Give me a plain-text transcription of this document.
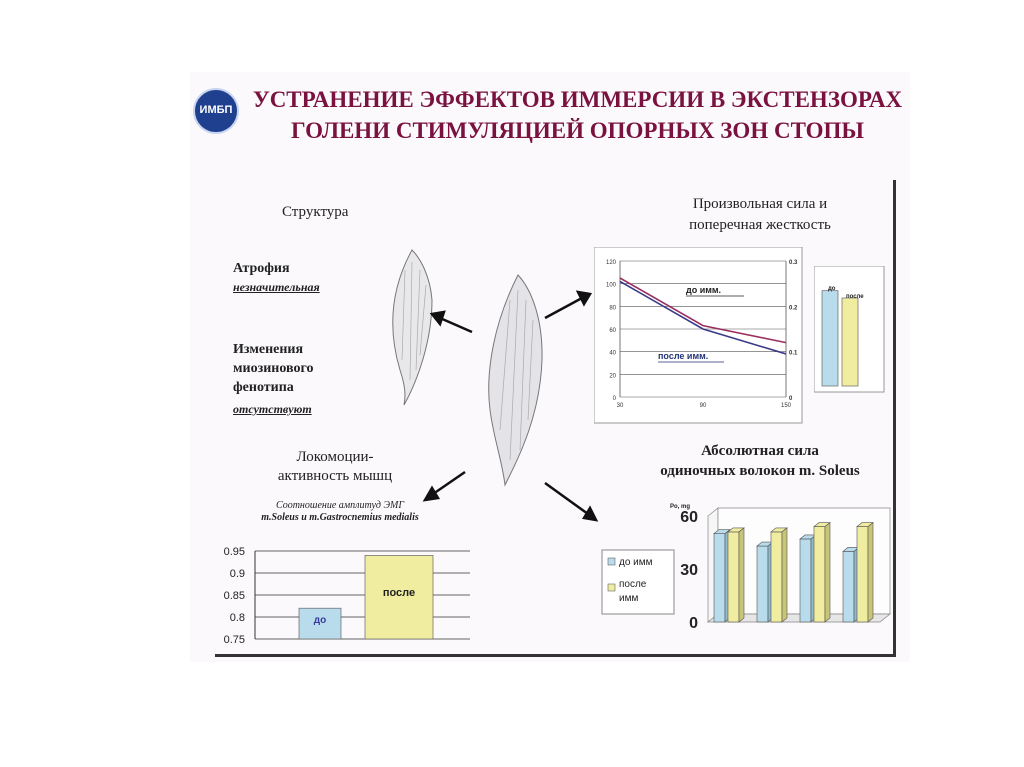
ИМБП УСТРАНЕНИЕ ЭФФЕКТОВ ИММЕРСИИ В ЭКСТЕНЗОРАХ ГОЛЕНИ СТИМУЛЯЦИЕЙ ОПОРНЫХ ЗОН СТОПЫ
Структура
Атрофия
незначительная
Изменения
миозинового
фенотипа
отсутствуют
Произвольная сила и
поперечная жесткость
Локомоции-
активность мышц
Соотношение амплитуд ЭМГ
m.Soleus и m.Gastrocnemius medialis
Абсолютная сила
одиночных волокон m. Soleus
0
20
40
60
80
100
120
0
0.1
0.2
0.3
30	90	150
до имм.
после имм.
до
после
0.95
0.9
0.85
0.8
0.75
до
после
60
30
0
Po, mg
до имм
после
имм
